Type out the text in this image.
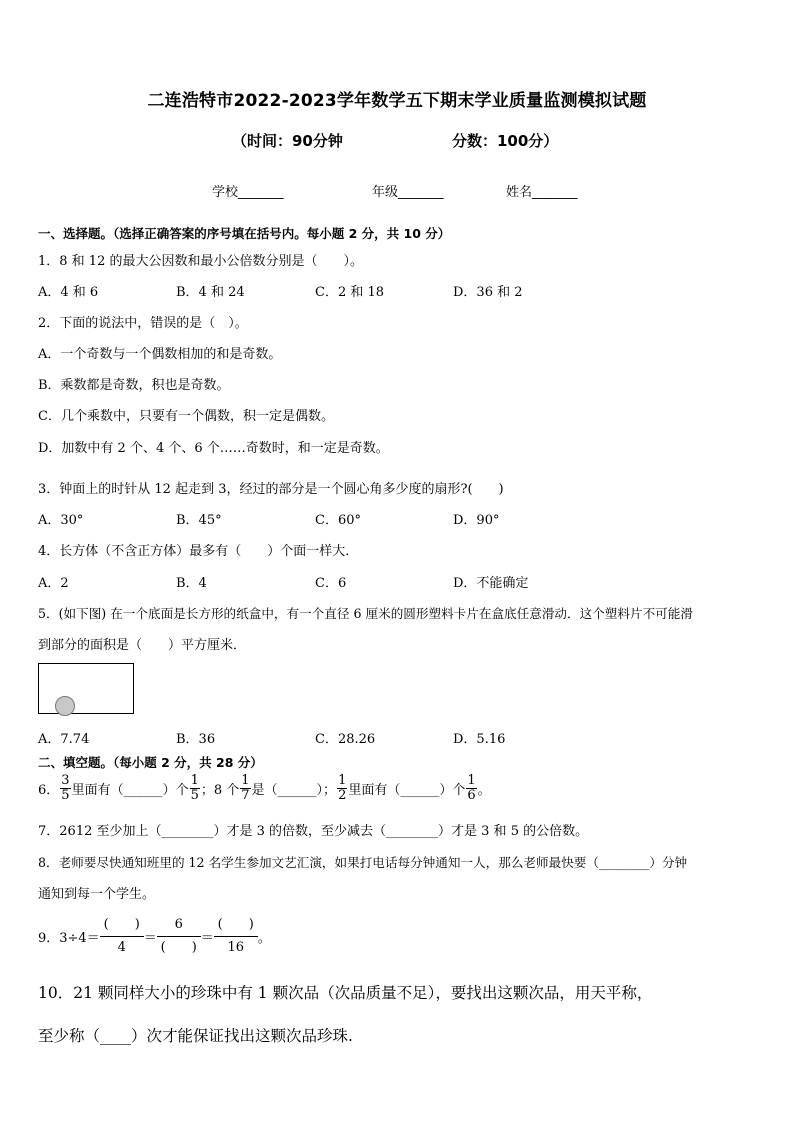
二连浩特市2022-2023学年数学五下期末学业质量监测模拟试题
（时间：90分钟	分数：100分）
学校_______	年级_______	姓名_______
一、选择题。（选择正确答案的序号填在括号内。每小题 2 分，共 10 分）
1．8 和 12 的最大公因数和最小公倍数分别是（　　）。
A．4 和 6	B．4 和 24	C．2 和 18	D．36 和 2
2．下面的说法中，错误的是（　）。
A．一个奇数与一个偶数相加的和是奇数。
B．乘数都是奇数，积也是奇数。
C．几个乘数中，只要有一个偶数，积一定是偶数。
D．加数中有 2 个、4 个、6 个……奇数时，和一定是奇数。
3．钟面上的时针从 12 起走到 3，经过的部分是一个圆心角多少度的扇形?(　　)
A．30°	B．45°	C．60°	D．90°
4．长方体（不含正方体）最多有（　　）个面一样大．
A．2	B．4	C．6	D．不能确定
5．(如下图) 在一个底面是长方形的纸盒中，有一个直径 6 厘米的圆形塑料卡片在盒底任意滑动．这个塑料片不可能滑
到部分的面积是（　　）平方厘米．
A．7.74	B．36	C．28.26	D．5.16
二、填空题。（每小题 2 分，共 28 分）
6． $\frac{3}{5}$ 里面有（______）个 $\frac{1}{5}$ ；8 个 $\frac{1}{7}$ 是（______）； $\frac{1}{2}$ 里面有（______）个 $\frac{1}{6}$ 。
7．2612 至少加上（________）才是 3 的倍数，至少减去（________）才是 3 和 5 的公倍数。
8．老师要尽快通知班里的 12 名学生参加文艺汇演，如果打电话每分钟通知一人，那么老师最快要（________）分钟
通知到每一个学生。
9．$3\div 4= \frac{( )}{4} = \frac{6}{( )} = \frac{( )}{16}$ 。
10．21 颗同样大小的珍珠中有 1 颗次品（次品质量不足），要找出这颗次品，用天平称，
至少称（____）次才能保证找出这颗次品珍珠.
